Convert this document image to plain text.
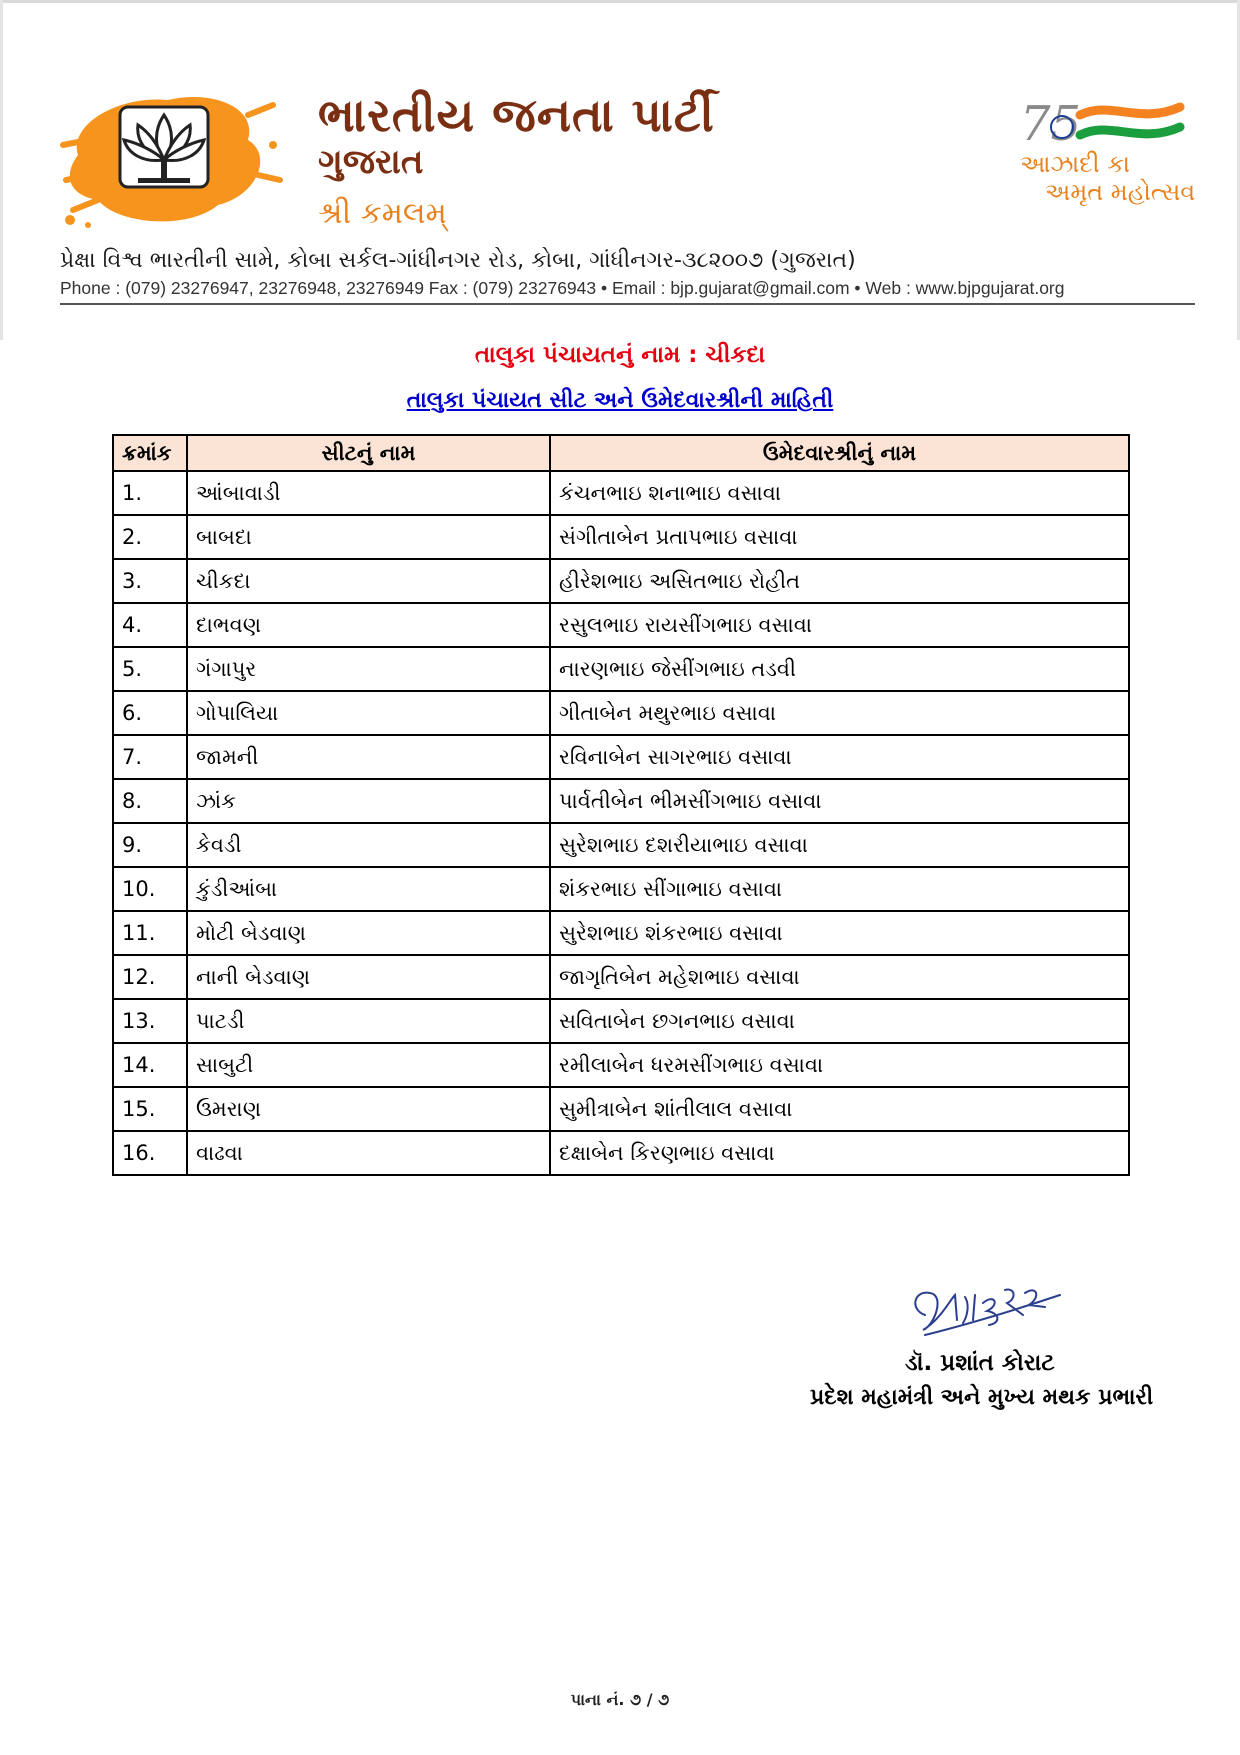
ભારતીય જનતા પાર્ટી
ગુજરાત
શ્રી કમલમ્
75
આઝાદી કા
અમૃત મહોત્સવ
પ્રેક્ષા વિશ્વ ભારતીની સામે, કોબા સર્કલ-ગાંધીનગર રોડ, કોબા, ગાંધીનગર-૩૮૨૦૦૭ (ગુજરાત)
Phone : (079) 23276947, 23276948, 23276949 Fax : (079) 23276943 • Email : bjp.gujarat@gmail.com • Web : www.bjpgujarat.org
તાલુકા પંચાયતનું નામ : ચીકદા
તાલુકા પંચાયત સીટ અને ઉમેદવારશ્રીની માહિતી
ક્રમાંક	સીટનું નામ	ઉમેદવારશ્રીનું નામ
1.	આંબાવાડી	કંચનભાઇ શનાભાઇ વસાવા
2.	બાબદા	સંગીતાબેન પ્રતાપભાઇ વસાવા
3.	ચીકદા	હીરેશભાઇ અસિતભાઇ રોહીત
4.	દાભવણ	રસુલભાઇ રાયસીંગભાઇ વસાવા
5.	ગંગાપુર	નારણભાઇ જેસીંગભાઇ તડવી
6.	ગોપાલિયા	ગીતાબેન મથુરભાઇ વસાવા
7.	જામની	રવિનાબેન સાગરભાઇ વસાવા
8.	ઝાંક	પાર્વતીબેન ભીમસીંગભાઇ વસાવા
9.	કેવડી	સુરેશભાઇ દશરીયાભાઇ વસાવા
10.	કુંડીઆંબા	શંકરભાઇ સીંગાભાઇ વસાવા
11.	મોટી બેડવાણ	સુરેશભાઇ શંકરભાઇ વસાવા
12.	નાની બેડવાણ	જાગૃતિબેન મહેશભાઇ વસાવા
13.	પાટડી	સવિતાબેન છગનભાઇ વસાવા
14.	સાબુટી	રમીલાબેન ધરમસીંગભાઇ વસાવા
15.	ઉમરાણ	સુમીત્રાબેન શાંતીલાલ વસાવા
16.	વાઢવા	દક્ષાબેન કિરણભાઇ વસાવા
ડૉ. પ્રશાંત કોરાટ
પ્રદેશ મહામંત્રી અને મુખ્ય મથક પ્રભારી
પાના નં. ૭ / ૭
